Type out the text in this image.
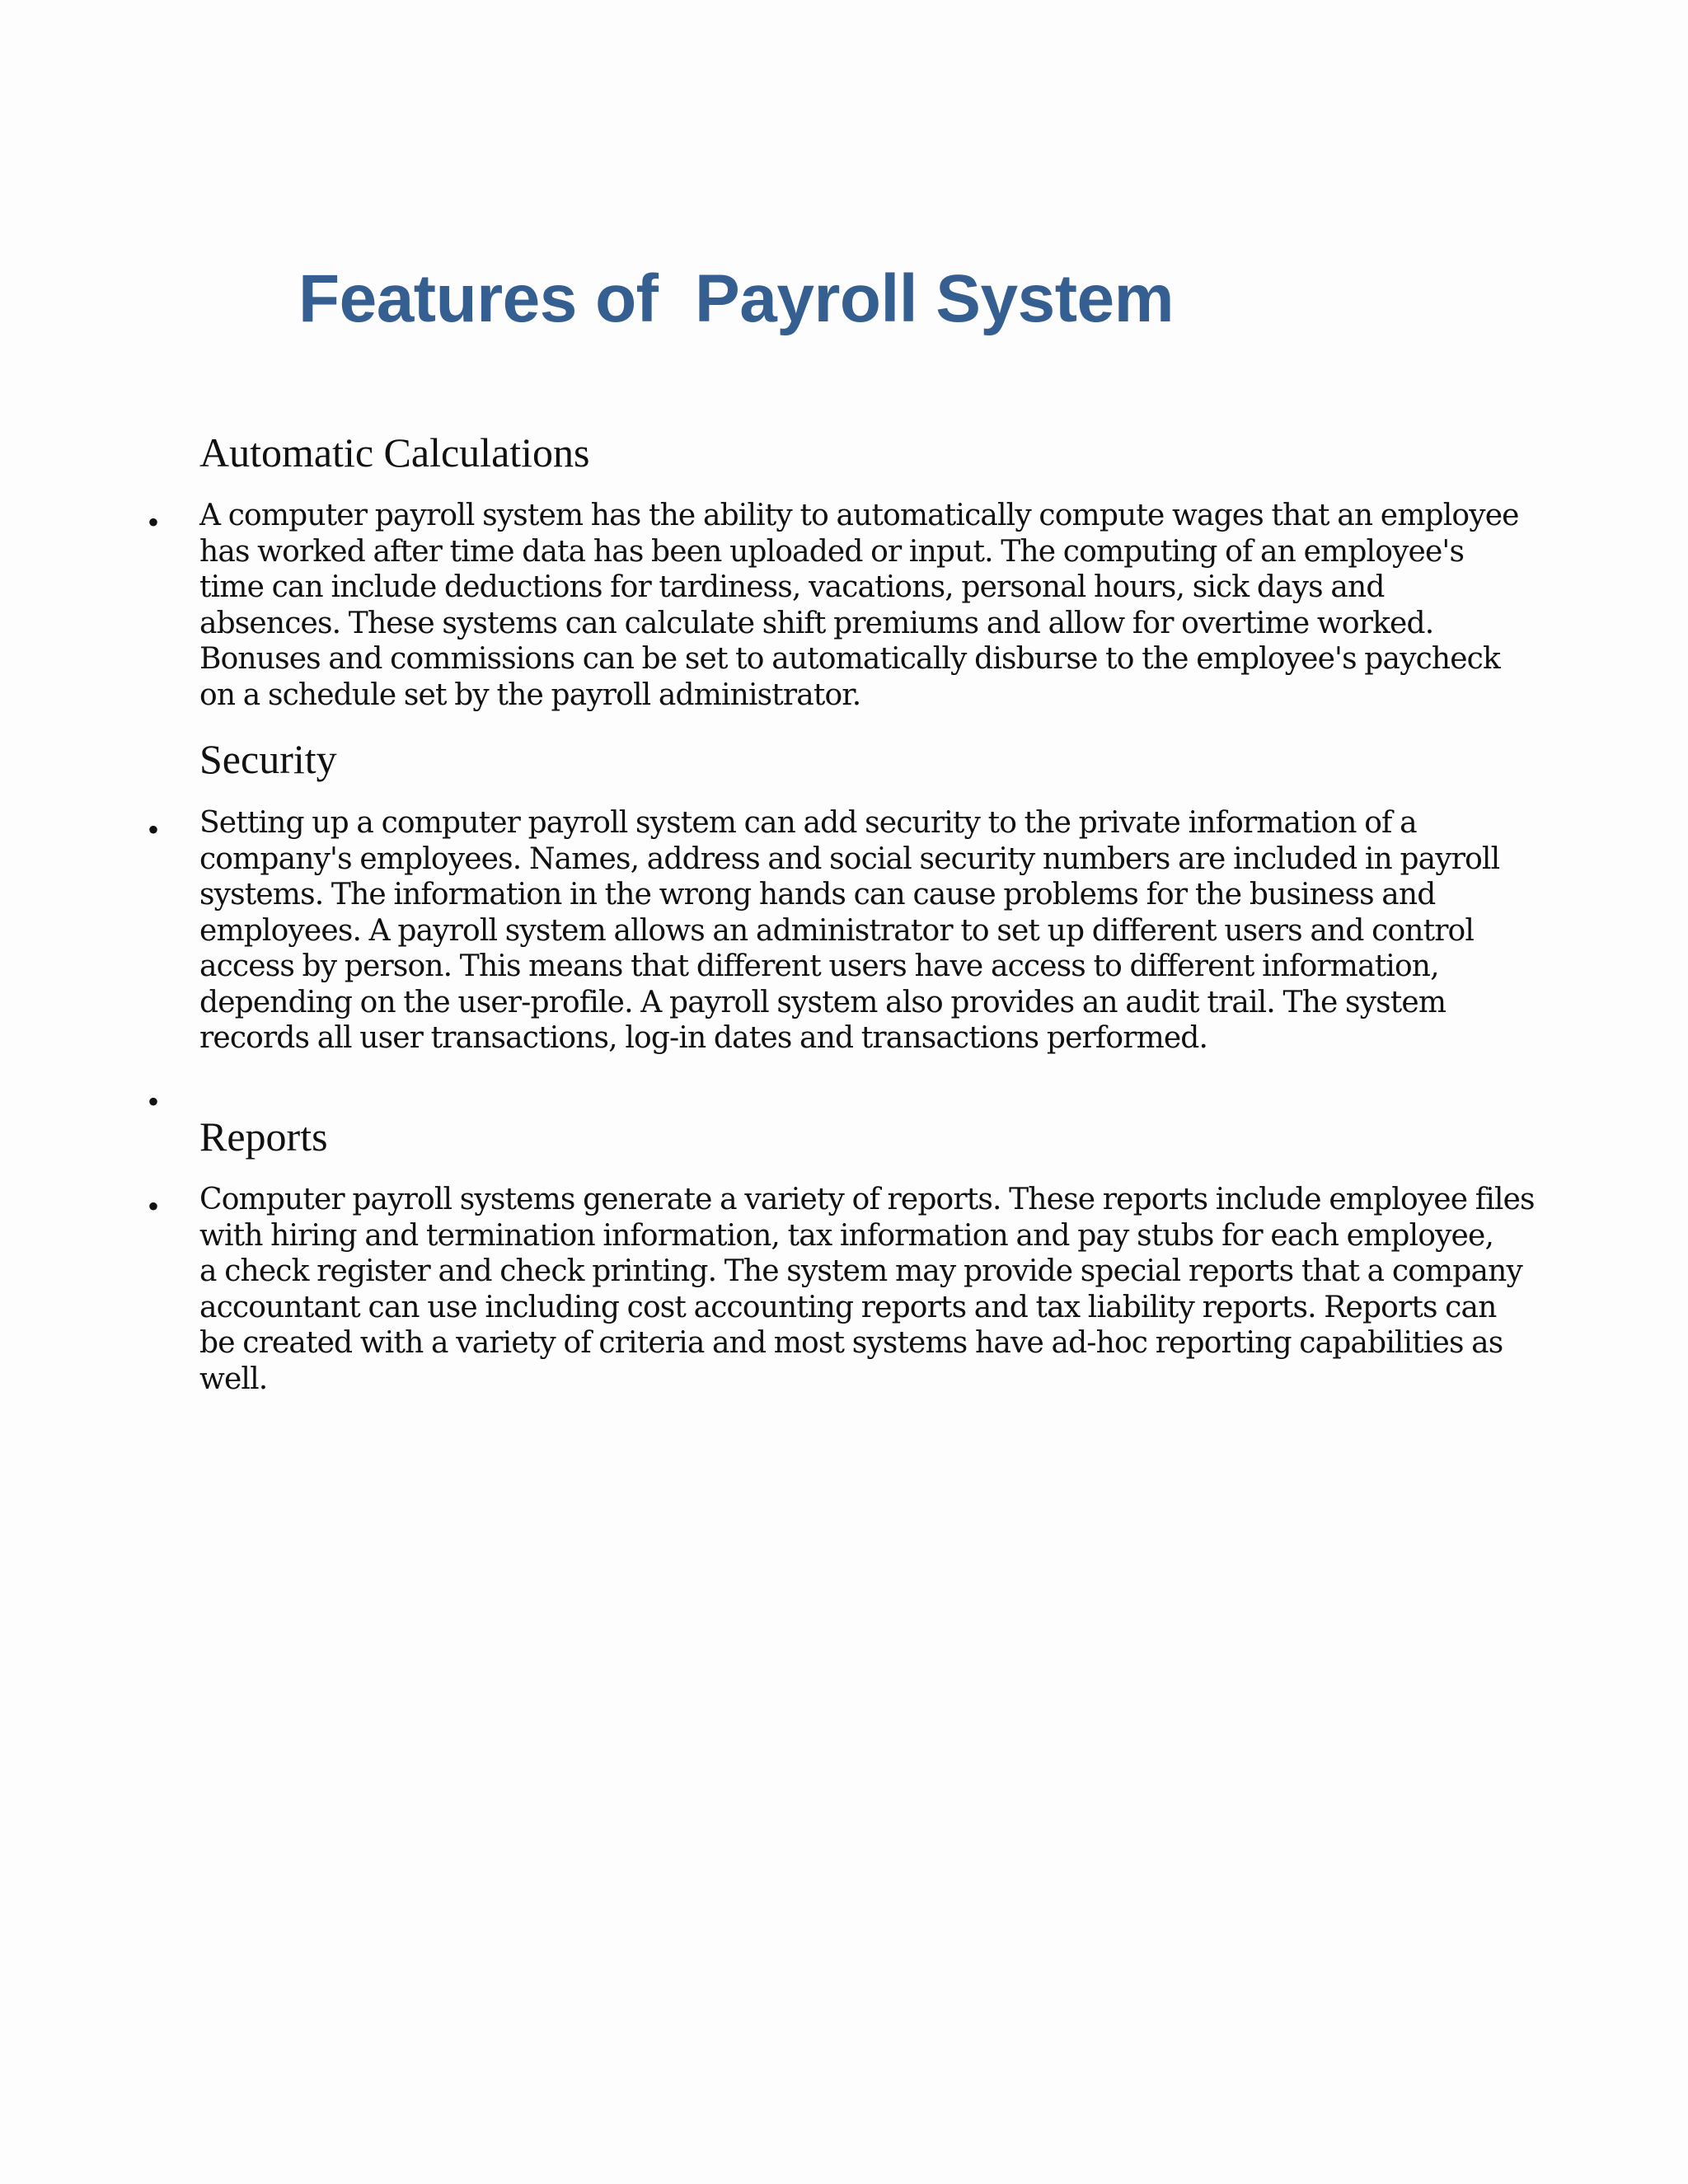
Features of  Payroll System
Automatic Calculations
• A computer payroll system has the ability to automatically compute wages that an employee
has worked after time data has been uploaded or input. The computing of an employee's
time can include deductions for tardiness, vacations, personal hours, sick days and
absences. These systems can calculate shift premiums and allow for overtime worked.
Bonuses and commissions can be set to automatically disburse to the employee's paycheck
on a schedule set by the payroll administrator.

Security
• Setting up a computer payroll system can add security to the private information of a
company's employees. Names, address and social security numbers are included in payroll
systems. The information in the wrong hands can cause problems for the business and
employees. A payroll system allows an administrator to set up different users and control
access by person. This means that different users have access to different information,
depending on the user-profile. A payroll system also provides an audit trail. The system
records all user transactions, log-in dates and transactions performed.

•
Reports
• Computer payroll systems generate a variety of reports. These reports include employee files
with hiring and termination information, tax information and pay stubs for each employee,
a check register and check printing. The system may provide special reports that a company
accountant can use including cost accounting reports and tax liability reports. Reports can
be created with a variety of criteria and most systems have ad-hoc reporting capabilities as
well.
